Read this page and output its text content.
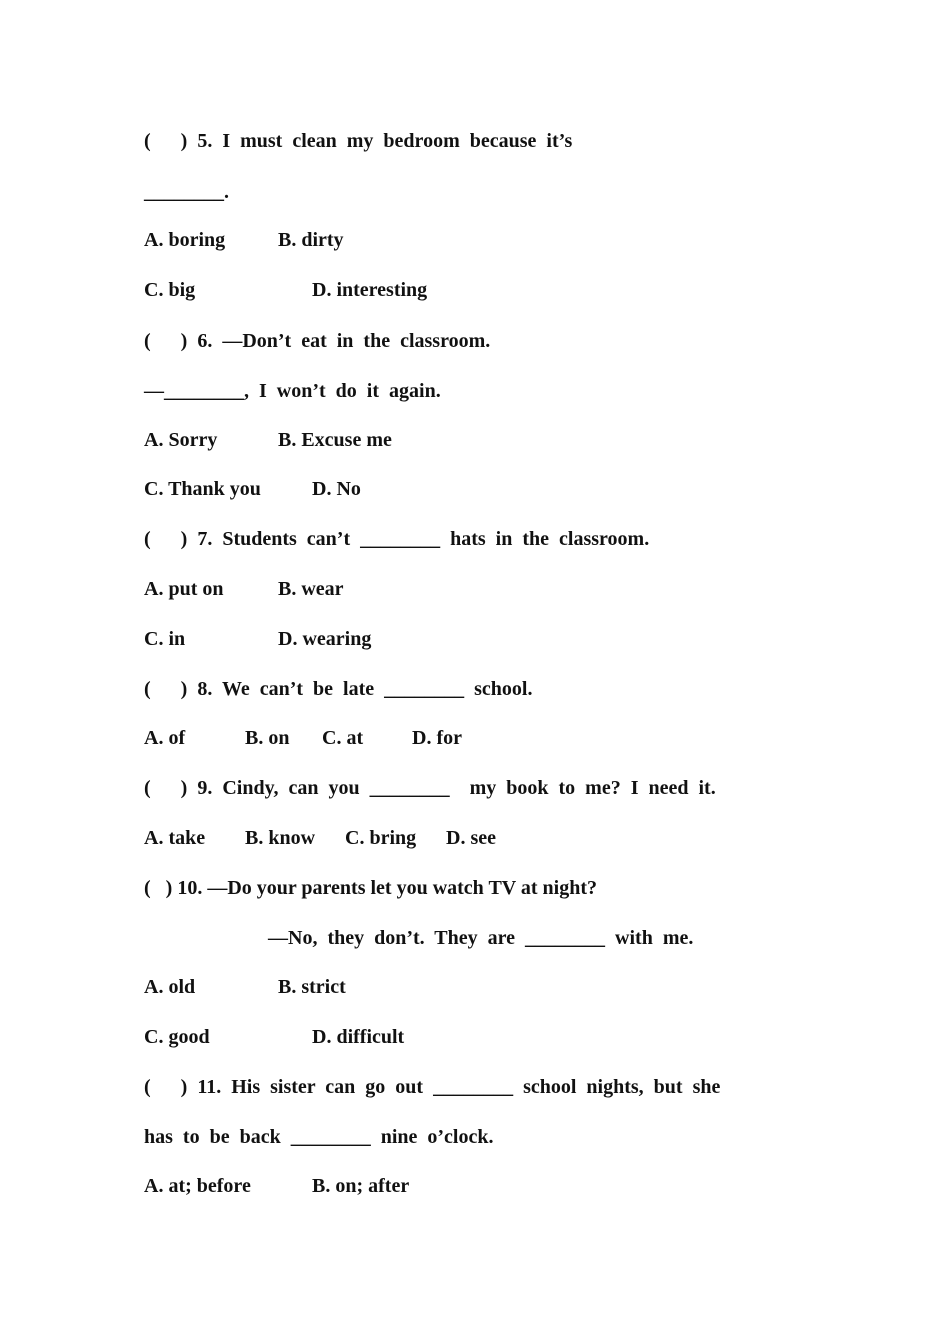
(      )  5.  I  must  clean  my  bedroom  because  it’s
________.
A. boring	B. dirty
C. big	D. interesting
(      )  6.  —Don’t  eat  in  the  classroom.
—________,  I  won’t  do  it  again.
A. Sorry	B. Excuse me
C. Thank you	D. No
(      )  7.  Students  can’t  ________  hats  in  the  classroom.
A. put on	B. wear
C. in	D. wearing
(      )  8.  We  can’t  be  late  ________  school.
A. of	B. on C. at D. for
(      )  9.  Cindy,  can  you  ________    my  book  to  me?  I  need  it.
A. take B. know C. bring D. see
(   ) 10. —Do your parents let you watch TV at night?
—No,  they  don’t.  They  are  ________  with  me.
A. old	B. strict
C. good	D. difficult
(      )  11.  His  sister  can  go  out  ________  school  nights,  but  she
has  to  be  back  ________  nine  o’clock.
A. at; before	B. on; after
